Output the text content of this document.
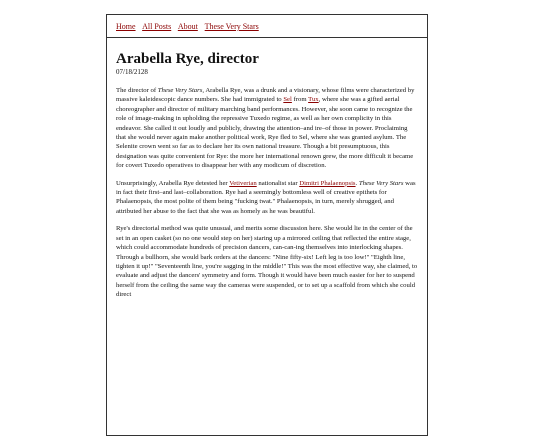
Home All Posts About These Very Stars
Arabella Rye, director
07/18/2128

The director of These Very Stars, Arabella Rye, was a drunk and a visionary, whose films were characterized by massive kaleidescopic dance numbers. She had immigrated to Sel from Tux, where she was a gifted aerial choreographer and director of military marching band performances. However, she soon came to recognize the role of image-making in upholding the repressive Tuxedo regime, as well as her own complicity in this endeavor. She called it out loudly and publicly, drawing the attention–and ire–of those in power. Proclaiming that she would never again make another political work, Rye fled to Sel, where she was granted asylum. The Selenite crown went so far as to declare her its own national treasure. Though a bit presumptuous, this designation was quite convenient for Rye: the more her international renown grew, the more difficult it became for covert Tuxedo operatives to disappear her with any modicum of discretion.

Unsurprisingly, Arabella Rye detested her Vetiverian nationalist star Dimitri Phalaenopsis. These Very Stars was in fact their first–and last–collaboration. Rye had a seemingly bottomless well of creative epithets for Phalaenopsis, the most polite of them being "fucking twat." Phalaenopsis, in turn, merely shrugged, and attributed her abuse to the fact that she was as homely as he was beautiful.

Rye's directorial method was quite unusual, and merits some discussion here. She would lie in the center of the set in an open casket (so no one would step on her) staring up a mirrored ceiling that reflected the entire stage, which could accommodate hundreds of precision dancers, can-can-ing themselves into interlocking shapes. Through a bullhorn, she would bark orders at the dancers: "Nine fifty-six! Left leg is too low!" "Eighth line, tighten it up!" "Seventeenth line, you're sagging in the middle!" This was the most effective way, she claimed, to evaluate and adjust the dancers' symmetry and form. Though it would have been much easier for her to suspend herself from the ceiling the same way the cameras were suspended, or to set up a scaffold from which she could direct
